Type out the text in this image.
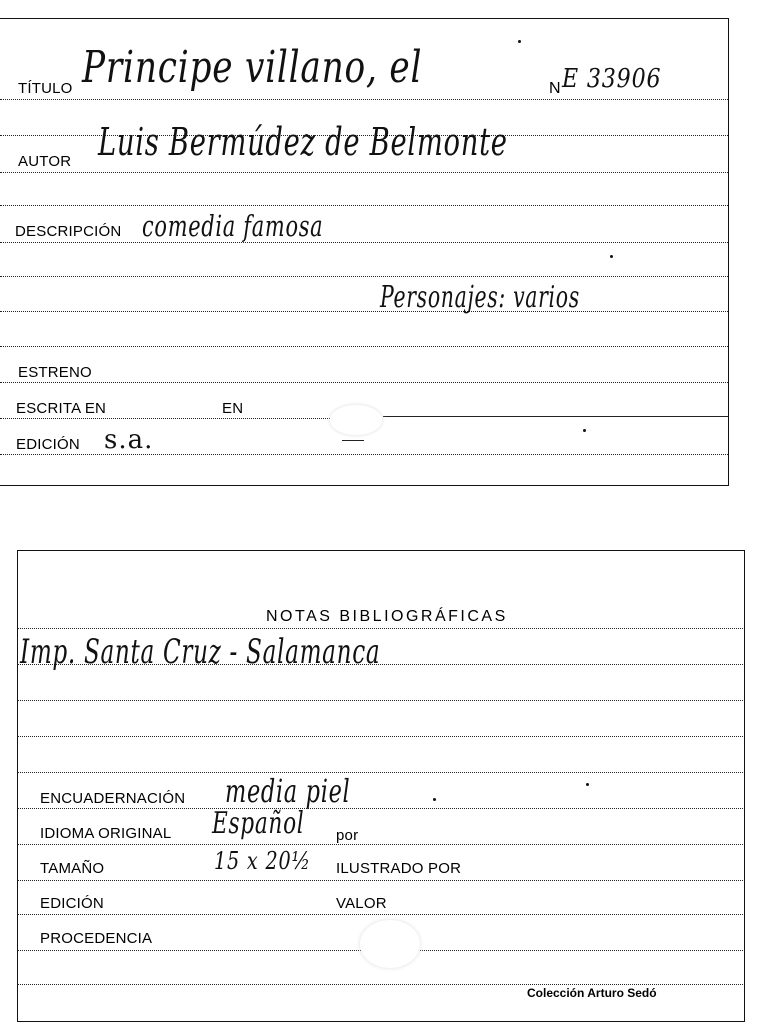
TÍTULO Principe villano, el	N E 33906
AUTOR Luis Bermúdez de Belmonte
DESCRIPCIÓN comedia famosa
Personajes: varios
ESTRENO
ESCRITA EN	EN
EDICIÓN s.a.
NOTAS BIBLIOGRÁFICAS
Imp. Santa Cruz - Salamanca
ENCUADERNACIÓN media piel
IDIOMA ORIGINAL Español por
TAMAÑO	15 x 20½ ILUSTRADO POR
EDICIÓN	VALOR
PROCEDENCIA
Colección Arturo Sedó
